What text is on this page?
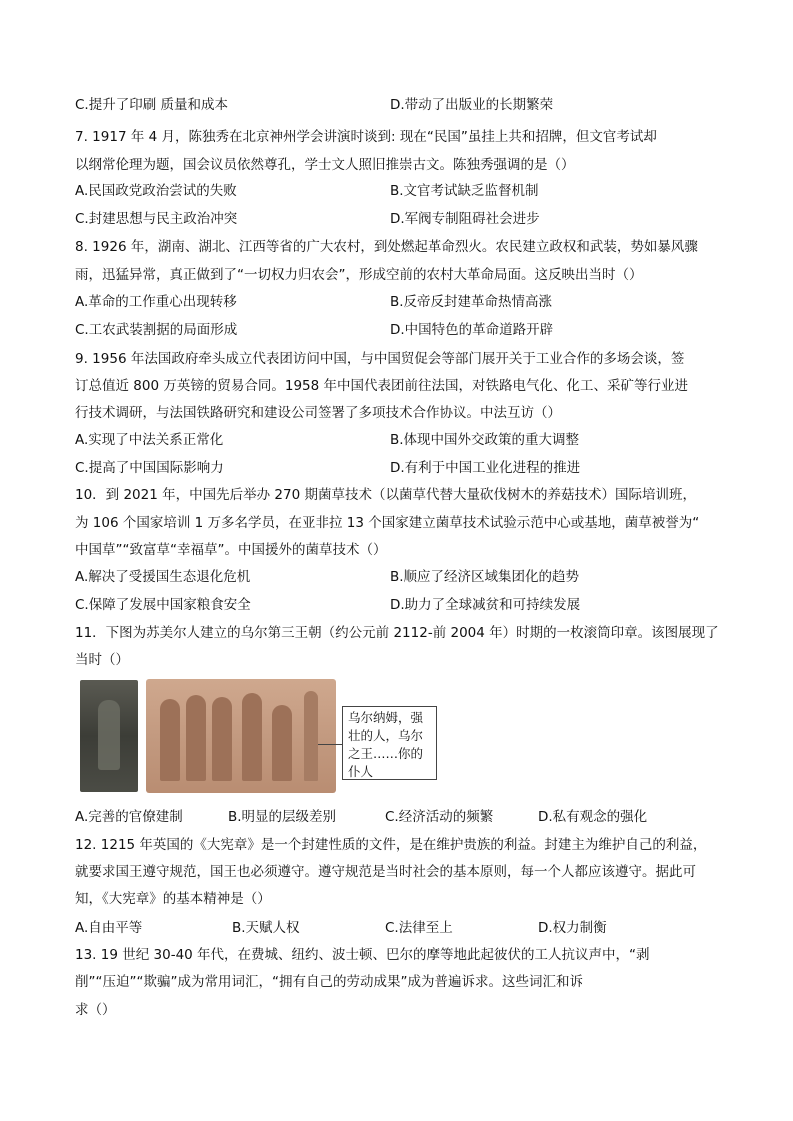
C.提升了印刷 质量和成本	D.带动了出版业的长期繁荣
7. 1917 年 4 月，陈独秀在北京神州学会讲演时谈到: 现在“民国”虽挂上共和招牌，但文官考试却
以纲常伦理为题，国会议员依然尊孔，学士文人照旧推崇古文。陈独秀强调的是（）
A.民国政党政治尝试的失败	B.文官考试缺乏监督机制
C.封建思想与民主政治冲突	D.军阀专制阻碍社会进步
8. 1926 年，湖南、湖北、江西等省的广大农村，到处燃起革命烈火。农民建立政权和武装，势如暴风骤
雨，迅猛异常，真正做到了“一切权力归农会”，形成空前的农村大革命局面。这反映出当时（）
A.革命的工作重心出现转移	B.反帝反封建革命热情高涨
C.工农武装割据的局面形成	D.中国特色的革命道路开辟
9. 1956 年法国政府牵头成立代表团访问中国，与中国贸促会等部门展开关于工业合作的多场会谈，签
订总值近 800 万英镑的贸易合同。1958 年中国代表团前往法国，对铁路电气化、化工、采矿等行业进
行技术调研，与法国铁路研究和建设公司签署了多项技术合作协议。中法互访（）
A.实现了中法关系正常化	B.体现中国外交政策的重大调整
C.提高了中国国际影响力	D.有利于中国工业化进程的推进
10．到 2021 年，中国先后举办 270 期菌草技术（以菌草代替大量砍伐树木的养菇技术）国际培训班，
为 106 个国家培训 1 万多名学员，在亚非拉 13 个国家建立菌草技术试验示范中心或基地，菌草被誉为“
中国草”“致富草“幸福草”。中国援外的菌草技术（）
A.解决了受援国生态退化危机	B.顺应了经济区域集团化的趋势
C.保障了发展中国家粮食安全	D.助力了全球减贫和可持续发展
11．下图为苏美尔人建立的乌尔第三王朝（约公元前 2112-前 2004 年）时期的一枚滚筒印章。该图展现了
当时（）
乌尔纳姆，强壮的人，乌尔之王……你的仆人
A.完善的官僚建制	B.明显的层级差别	C.经济活动的频繁	D.私有观念的强化
12. 1215 年英国的《大宪章》是一个封建性质的文件，是在维护贵族的利益。封建主为维护自己的利益，
就要求国王遵守规范，国王也必须遵守。遵守规范是当时社会的基本原则，每一个人都应该遵守。据此可
知，《大宪章》的基本精神是（）
A.自由平等	B.天赋人权	C.法律至上	D.权力制衡
13. 19 世纪 30-40 年代，在费城、纽约、波士顿、巴尔的摩等地此起彼伏的工人抗议声中，“剥
削”“压迫”“欺骗”成为常用词汇，“拥有自己的劳动成果”成为普遍诉求。这些词汇和诉
求（）
